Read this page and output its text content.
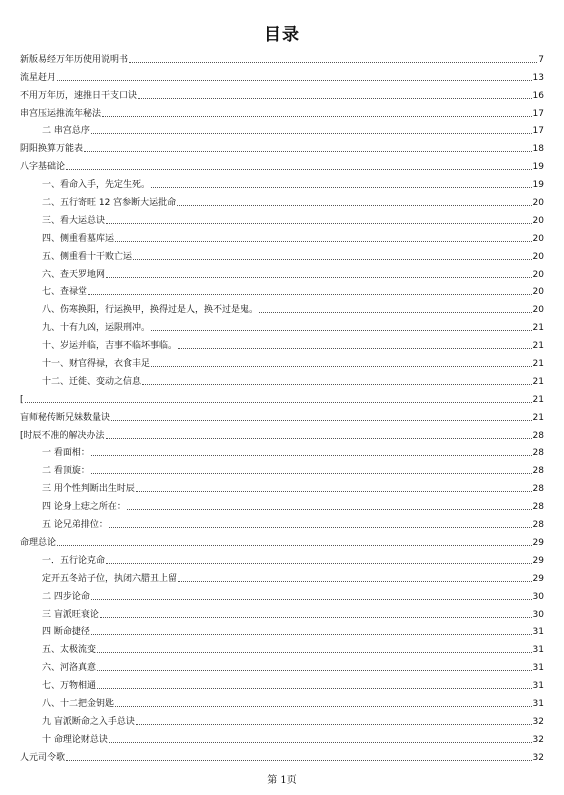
目录
新版易经万年历使用说明书	7
流星赶月	13
不用万年历，速推日干支口诀	16
串宫压运推流年秘法	17
二 串宫总序	17
阴阳换算万能表	18
八字基础论	19
一、看命入手，先定生死。	19
二、五行寄旺 12 宫参断大运批命	20
三、看大运总诀	20
四、侧重看墓库运	20
五、侧重看十干败亡运	20
六、查天罗地网	20
七、查禄堂	20
八、伤寒换阳，行运换甲，换得过是人，换不过是鬼。	20
九、十有九凶，运限刑冲。	21
十、岁运并临，吉事不临坏事临。	21
十一、财官得禄，衣食丰足	21
十二、迁徙、变动之信息	21
[	21
盲师秘传断兄妹数量诀	21
[时辰不准的解决办法	28
一 看面相：	28
二 看顶旋：	28
三 用个性判断出生时辰	28
四 论身上痣之所在：	28
五 论兄弟排位：	28
命理总论	29
一．五行论克命	29
定开五冬站子位，执闭六腊丑上留	29
二 四步论命	30
三 盲派旺衰论	30
四 断命捷径	31
五、太极流变	31
六、河洛真意	31
七、万物相通	31
八、十二把金钥匙	31
九 盲派断命之入手总诀	32
十 命理论财总诀	32
人元司令歌	32
第 1页
